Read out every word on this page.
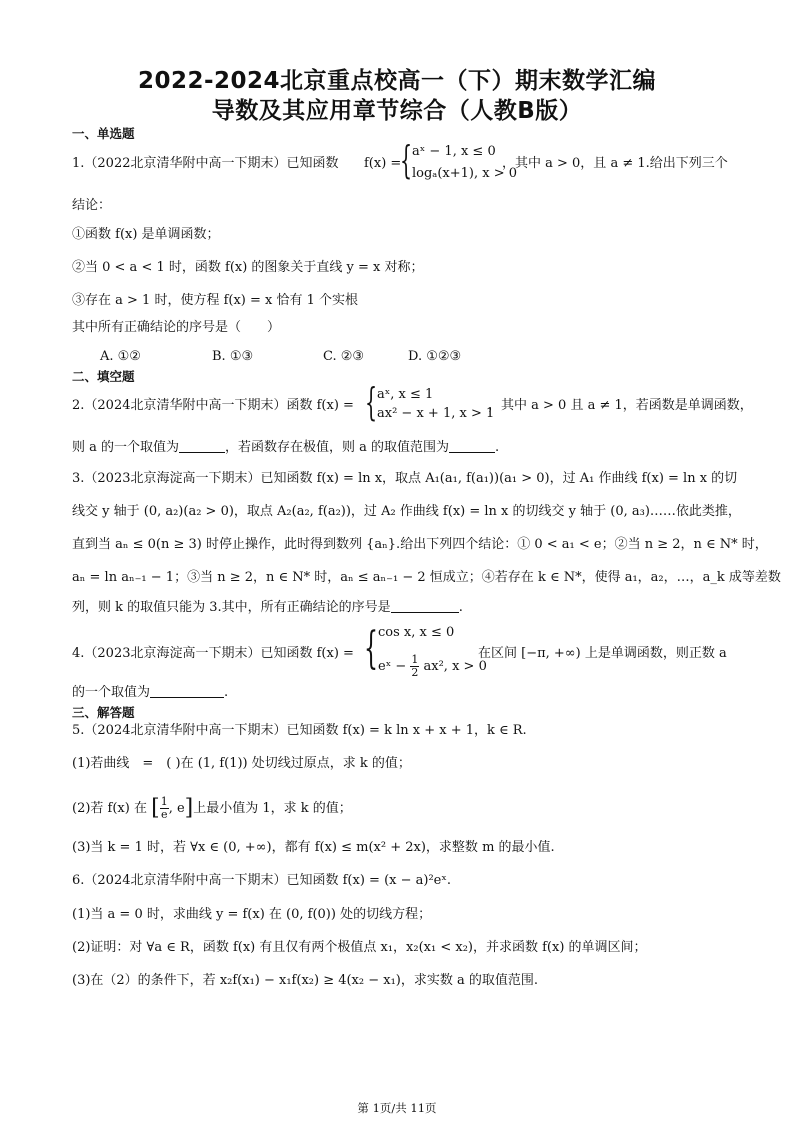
2022-2024北京重点校高一（下）期末数学汇编
导数及其应用章节综合（人教B版）
一、单选题
1.（2022北京清华附中高一下期末）已知函数 f(x) =
{ aˣ − 1, x ≤ 0
logₐ(x+1), x > 0
，其中 a > 0，且 a ≠ 1.给出下列三个
结论：
①函数 f(x) 是单调函数；
②当 0 < a < 1 时，函数 f(x) 的图象关于直线 y = x 对称；
③存在 a > 1 时，使方程 f(x) = x 恰有 1 个实根
其中所有正确结论的序号是（　　）
A. ①②	B. ①③	C. ②③	D. ①②③
二、填空题
2.（2024北京清华附中高一下期末）函数 f(x) = { aˣ, x ≤ 1
ax² − x + 1, x > 1
，其中 a > 0 且 a ≠ 1，若函数是单调函数，
则 a 的一个取值为	，若函数存在极值，则 a 的取值范围为	.
3.（2023北京海淀高一下期末）已知函数 f(x) = ln x，取点 A₁(a₁, f(a₁))(a₁ > 0)，过 A₁ 作曲线 f(x) = ln x 的切
线交 y 轴于 (0, a₂)(a₂ > 0)，取点 A₂(a₂, f(a₂))，过 A₂ 作曲线 f(x) = ln x 的切线交 y 轴于 (0, a₃)……依此类推，
直到当 aₙ ≤ 0(n ≥ 3) 时停止操作，此时得到数列 {aₙ}.给出下列四个结论：① 0 < a₁ < e；②当 n ≥ 2，n ∈ N* 时，
aₙ = ln aₙ₋₁ − 1；③当 n ≥ 2，n ∈ N* 时，aₙ ≤ aₙ₋₁ − 2 恒成立；④若存在 k ∈ N*，使得 a₁，a₂，…，a_k 成等差数
列，则 k 的取值只能为 3.其中，所有正确结论的序号是	.
4.（2023北京海淀高一下期末）已知函数 f(x) = { cos x, x ≤ 0
eˣ − $\frac{1}{2} ax^2$, x > 0
在区间 [−π, +∞) 上是单调函数，则正数 a
的一个取值为	.
三、解答题
5.（2024北京清华附中高一下期末）已知函数 f(x) = k ln x + x + 1，k ∈ R.
(1)若曲线　=　( )在 (1, f(1)) 处切线过原点，求 k 的值；
(2)若 f(x) 在 [ $\frac{1}{e}$ , e]上最小值为 1，求 k 的值；
(3)当 k = 1 时，若 ∀x ∈ (0, +∞)，都有 f(x) ≤ m(x² + 2x)，求整数 m 的最小值.
6.（2024北京清华附中高一下期末）已知函数 f(x) = (x − a)²eˣ.
(1)当 a = 0 时，求曲线 y = f(x) 在 (0, f(0)) 处的切线方程；
(2)证明：对 ∀a ∈ R，函数 f(x) 有且仅有两个极值点 x₁，x₂(x₁ < x₂)，并求函数 f(x) 的单调区间；
(3)在（2）的条件下，若 x₂f(x₁) − x₁f(x₂) ≥ 4(x₂ − x₁)，求实数 a 的取值范围.
第 1页/共 11页
